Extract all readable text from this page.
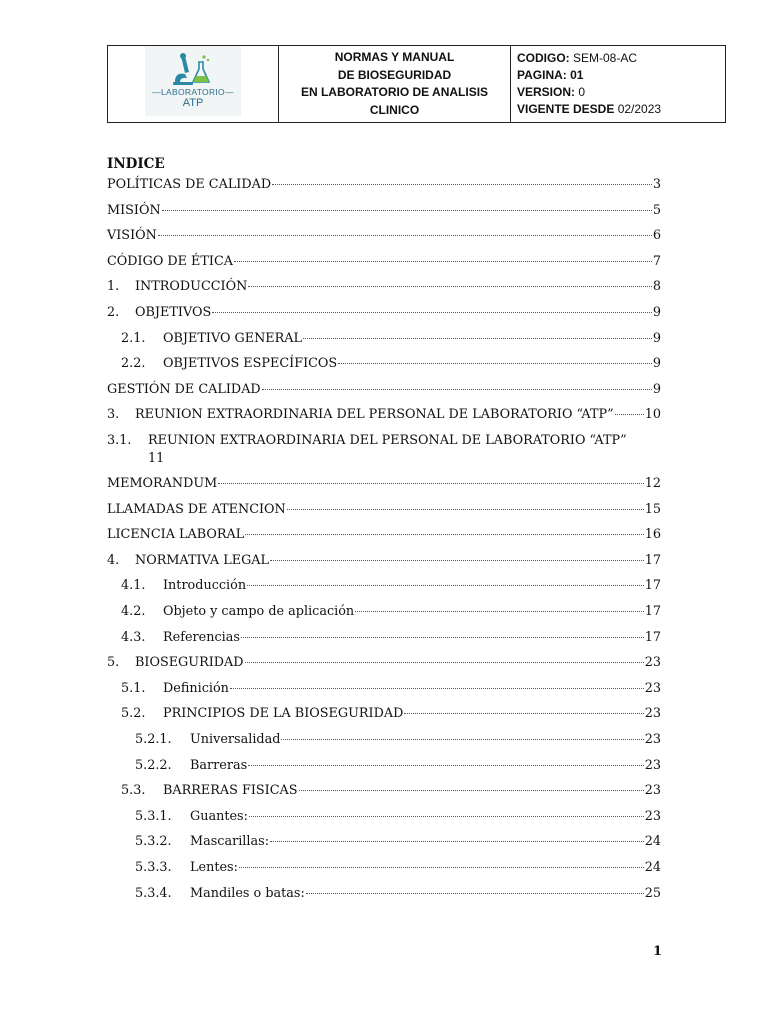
—LABORATORIO—
ATP
NORMAS Y MANUAL
DE BIOSEGURIDAD
EN LABORATORIO DE ANALISIS
CLINICO
CODIGO: SEM-08-AC
PAGINA: 01
VERSION: 0
VIGENTE DESDE 02/2023
INDICE
POLÍTICAS DE CALIDAD	3
MISIÓN	5
VISIÓN	6
CÓDIGO DE ÉTICA	7
1.	INTRODUCCIÓN	8
2.	OBJETIVOS	9
2.1.	OBJETIVO GENERAL	9
2.2.	OBJETIVOS ESPECÍFICOS	9
GESTIÓN DE CALIDAD	9
3.	REUNION EXTRAORDINARIA DEL PERSONAL DE LABORATORIO “ATP” 10
3.1. REUNION EXTRAORDINARIA DEL PERSONAL DE LABORATORIO “ATP”
11
MEMORANDUM	12
LLAMADAS DE ATENCION	15
LICENCIA LABORAL	16
4.	NORMATIVA LEGAL	17
4.1.	Introducción	17
4.2.	Objeto y campo de aplicación	17
4.3.	Referencias	17
5.	BIOSEGURIDAD	23
5.1.	Definición	23
5.2.	PRINCIPIOS DE LA BIOSEGURIDAD	23
5.2.1.	Universalidad	23
5.2.2.	Barreras	23
5.3.	BARRERAS FISICAS	23
5.3.1.	Guantes:	23
5.3.2.	Mascarillas:	24
5.3.3.	Lentes:	24
5.3.4.	Mandiles o batas:	25
1
